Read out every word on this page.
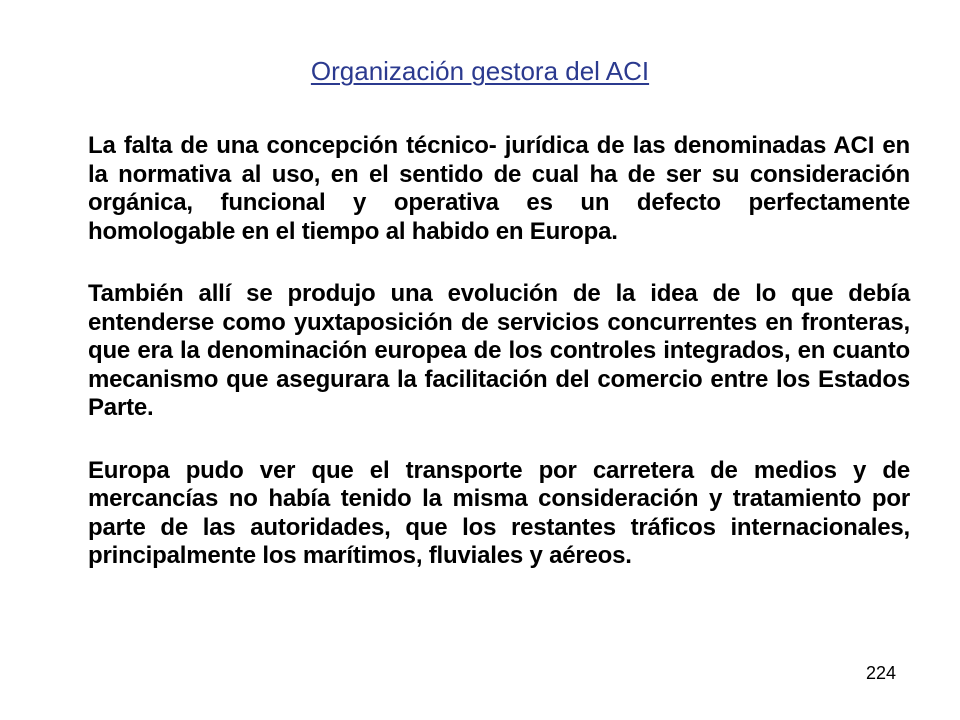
Organización gestora del ACI

La falta de una concepción técnico- jurídica de las denominadas ACI en la normativa al uso, en el sentido de cual ha de ser su consideración orgánica, funcional y operativa es un defecto perfectamente homologable en el tiempo al habido en Europa.

También allí se produjo una evolución de la idea de lo que debía entenderse como yuxtaposición de servicios concurrentes en fronteras, que era la denominación europea de los controles integrados, en cuanto mecanismo que asegurara la facilitación del comercio entre los Estados Parte.

Europa pudo ver que el transporte por carretera de medios y de mercancías no había tenido la misma consideración y tratamiento por parte de las autoridades, que los restantes tráficos internacionales, principalmente los marítimos, fluviales y aéreos.

224
